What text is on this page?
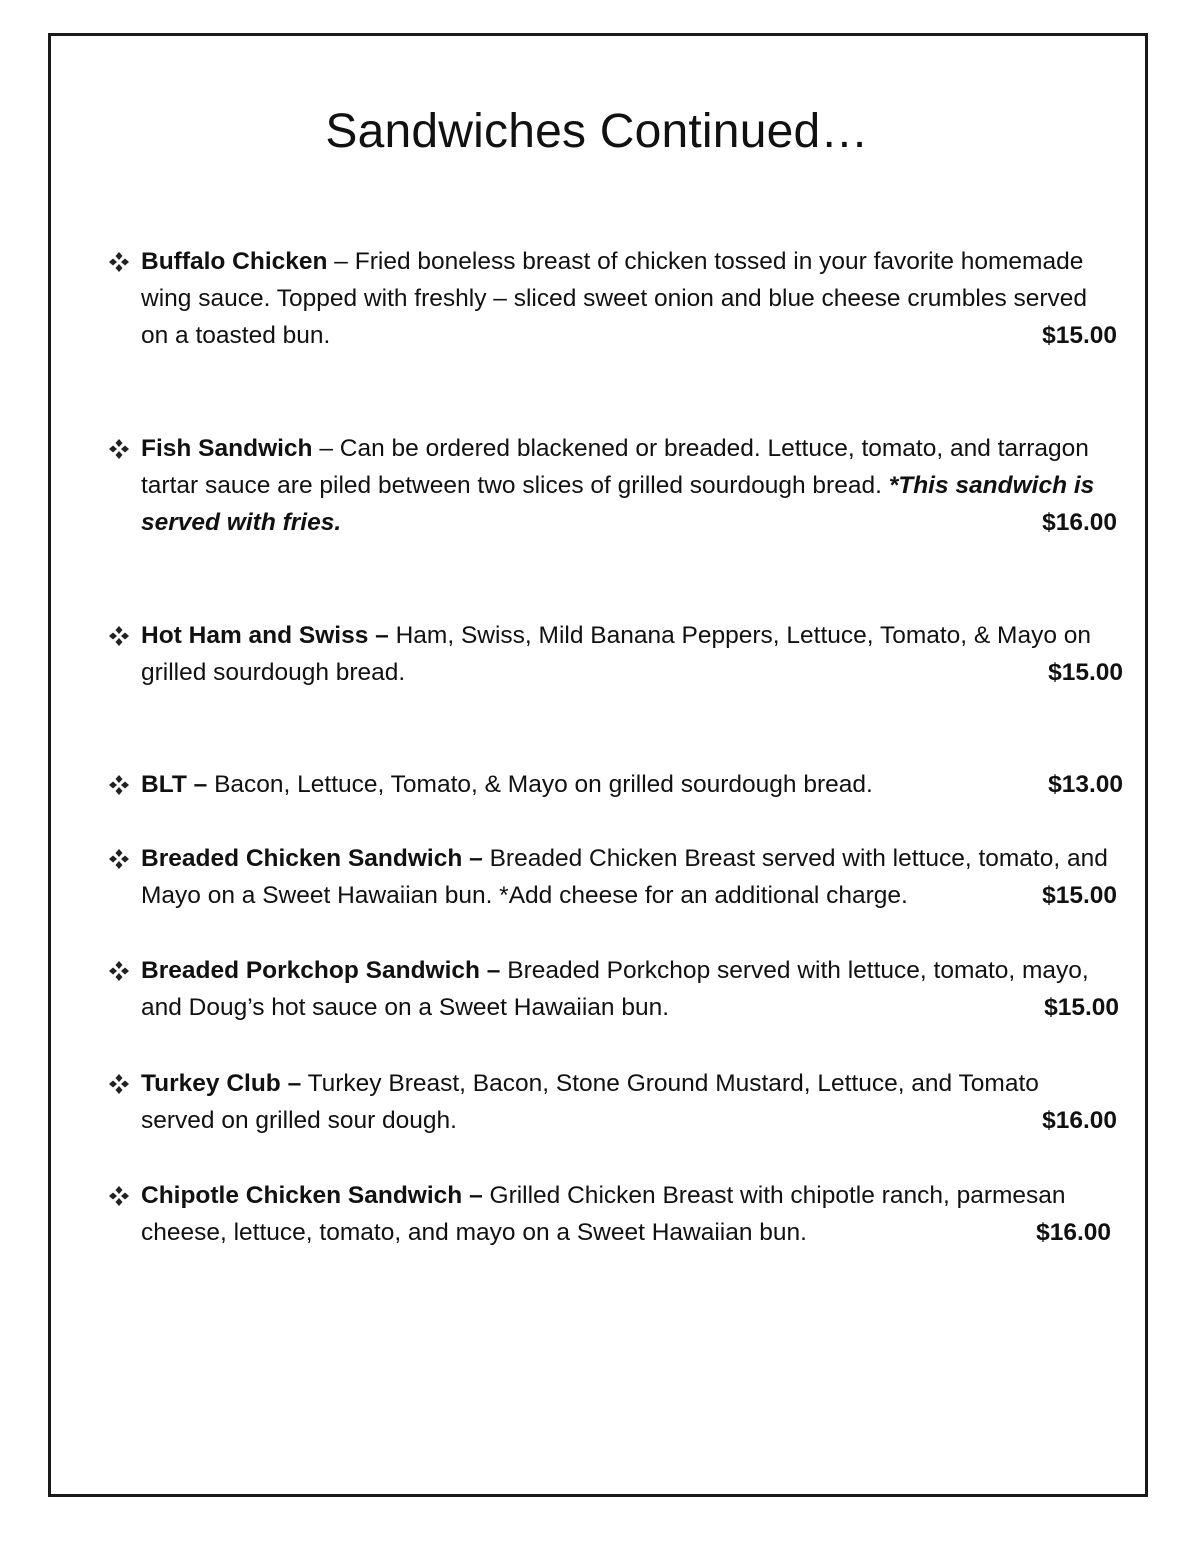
Sandwiches Continued…
Buffalo Chicken – Fried boneless breast of chicken tossed in your favorite homemade wing sauce. Topped with freshly – sliced sweet onion and blue cheese crumbles served on a toasted bun.	$15.00
Fish Sandwich – Can be ordered blackened or breaded. Lettuce, tomato, and tarragon tartar sauce are piled between two slices of grilled sourdough bread. *This sandwich is served with fries.	$16.00
Hot Ham and Swiss – Ham, Swiss, Mild Banana Peppers, Lettuce, Tomato, & Mayo on grilled sourdough bread.	$15.00
BLT – Bacon, Lettuce, Tomato, & Mayo on grilled sourdough bread.	$13.00
Breaded Chicken Sandwich – Breaded Chicken Breast served with lettuce, tomato, and Mayo on a Sweet Hawaiian bun. *Add cheese for an additional charge.	$15.00
Breaded Porkchop Sandwich – Breaded Porkchop served with lettuce, tomato, mayo, and Doug’s hot sauce on a Sweet Hawaiian bun.	$15.00
Turkey Club – Turkey Breast, Bacon, Stone Ground Mustard, Lettuce, and Tomato served on grilled sour dough.	$16.00
Chipotle Chicken Sandwich – Grilled Chicken Breast with chipotle ranch, parmesan cheese, lettuce, tomato, and mayo on a Sweet Hawaiian bun.	$16.00
